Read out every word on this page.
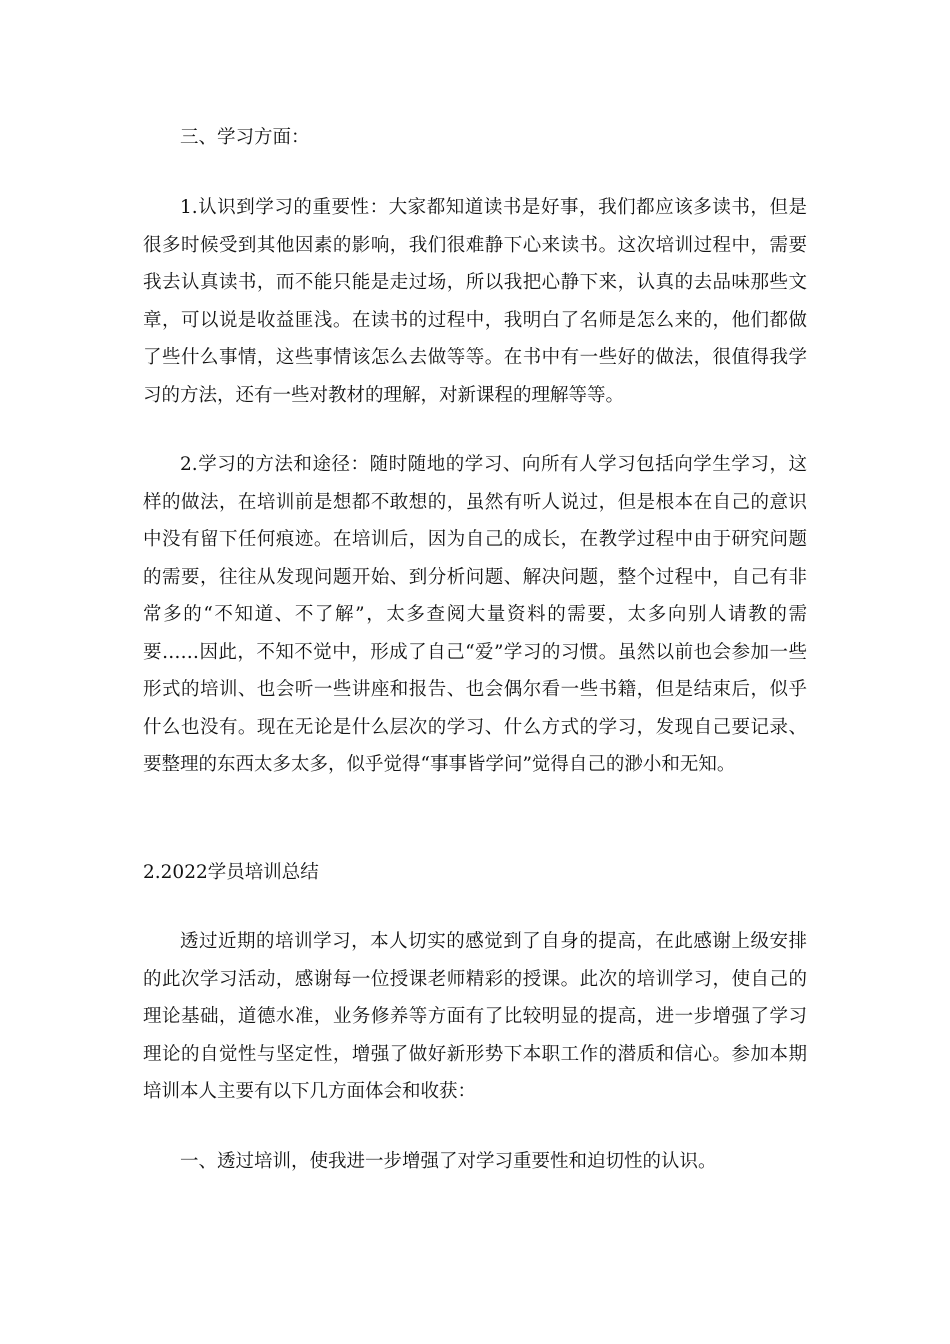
三、学习方面：

1.认识到学习的重要性：大家都知道读书是好事，我们都应该多读书，但是很多时候受到其他因素的影响，我们很难静下心来读书。这次培训过程中，需要我去认真读书，而不能只能是走过场，所以我把心静下来，认真的去品味那些文章，可以说是收益匪浅。在读书的过程中，我明白了名师是怎么来的，他们都做了些什么事情，这些事情该怎么去做等等。在书中有一些好的做法，很值得我学习的方法，还有一些对教材的理解，对新课程的理解等等。

2.学习的方法和途径：随时随地的学习、向所有人学习包括向学生学习，这样的做法，在培训前是想都不敢想的，虽然有听人说过，但是根本在自己的意识中没有留下任何痕迹。在培训后，因为自己的成长，在教学过程中由于研究问题的需要，往往从发现问题开始、到分析问题、解决问题，整个过程中，自己有非常多的“不知道、不了解”，太多查阅大量资料的需要，太多向别人请教的需要……因此，不知不觉中，形成了自己“爱”学习的习惯。虽然以前也会参加一些形式的培训、也会听一些讲座和报告、也会偶尔看一些书籍，但是结束后，似乎什么也没有。现在无论是什么层次的学习、什么方式的学习，发现自己要记录、要整理的东西太多太多，似乎觉得“事事皆学问”觉得自己的渺小和无知。

2.2022学员培训总结

透过近期的培训学习，本人切实的感觉到了自身的提高，在此感谢上级安排的此次学习活动，感谢每一位授课老师精彩的授课。此次的培训学习，使自己的理论基础，道德水准，业务修养等方面有了比较明显的提高，进一步增强了学习理论的自觉性与坚定性，增强了做好新形势下本职工作的潜质和信心。参加本期培训本人主要有以下几方面体会和收获：

一、透过培训，使我进一步增强了对学习重要性和迫切性的认识。
